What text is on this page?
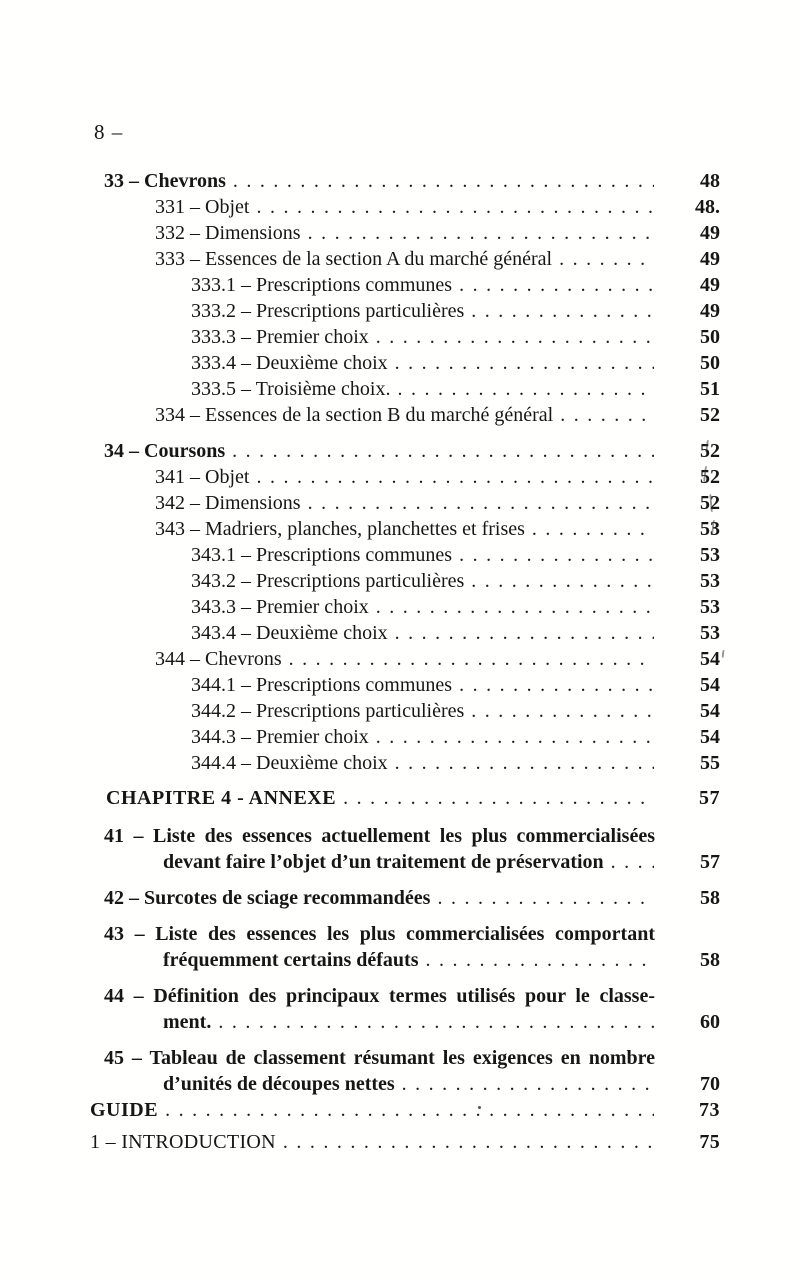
8 –
33 – Chevrons .....	48
331 – Objet .....	48.
332 – Dimensions .....	49
333 – Essences de la section A du marché général .....	49
333.1 – Prescriptions communes .....	49
333.2 – Prescriptions particulières .....	49
333.3 – Premier choix .....	50
333.4 – Deuxième choix .....	50
333.5 – Troisième choix. .....	51
334 – Essences de la section B du marché général .....	52
34 – Coursons .....	52
341 – Objet .....	52
342 – Dimensions .....	52
343 – Madriers, planches, planchettes et frises .....	53
343.1 – Prescriptions communes .....	53
343.2 – Prescriptions particulières .....	53
343.3 – Premier choix .....	53
343.4 – Deuxième choix .....	53
344 – Chevrons .....	54
344.1 – Prescriptions communes .....	54
344.2 – Prescriptions particulières .....	54
344.3 – Premier choix .....	54
344.4 – Deuxième choix .....	55
CHAPITRE 4 - ANNEXE .....	57
41 – Liste des essences actuellement les plus commercialisées
devant faire l’objet d’un traitement de préservation .....	57
42 – Surcotes de sciage recommandées .....	58
43 – Liste des essences les plus commercialisées comportant
fréquemment certains défauts .....	58
44 – Définition des principaux termes utilisés pour le classe-
ment. .....	60
45 – Tableau de classement résumant les exigences en nombre
d’unités de découpes nettes .....	70
GUIDE .....	73
1 – INTRODUCTION .....	75
